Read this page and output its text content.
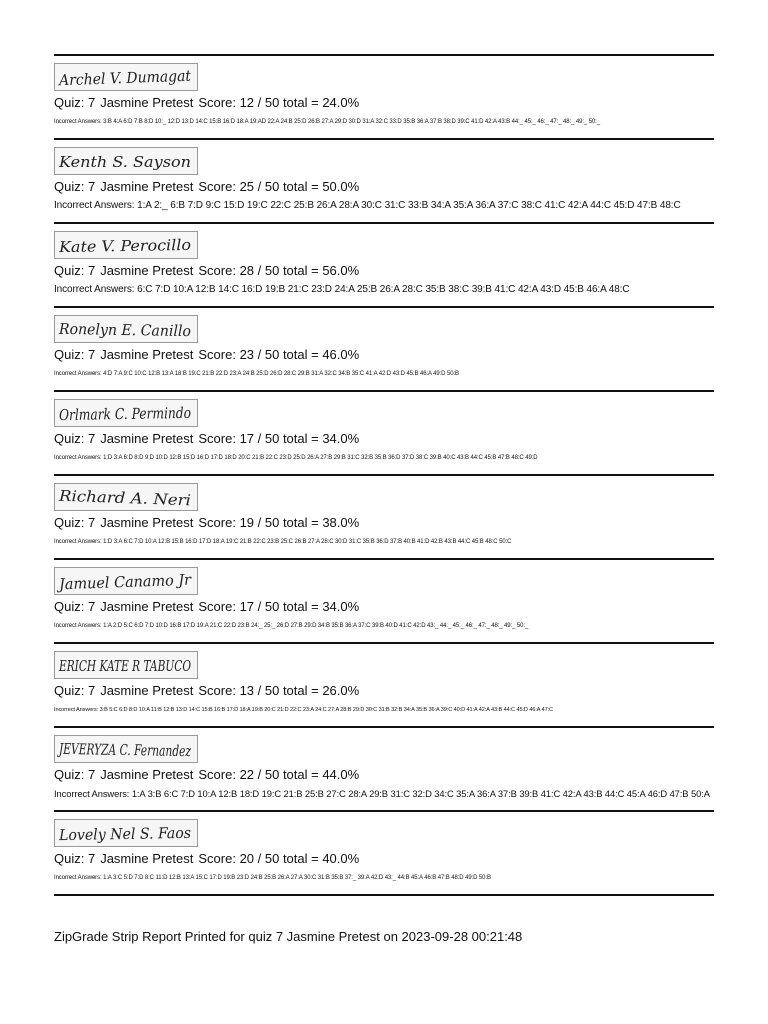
Archel V. Dumagat
Quiz: 7 Jasmine Pretest Score: 12 / 50 total = 24.0%
Incorrect Answers: 3:B 4:A 6:D 7:B 8:D 10:_ 12:D 13:D 14:C 15:B 16:D 18:A 19:AD 22:A 24:B 25:D 26:B 27:A 29:D 30:D 31:A 32:C 33:D 35:B 36:A 37:B 38:D 39:C 41:D 42:A 43:B 44:_ 45:_ 46:_ 47:_ 48:_ 49:_ 50:_
Kenth S. Sayson
Quiz: 7 Jasmine Pretest Score: 25 / 50 total = 50.0%
Incorrect Answers: 1:A 2:_ 6:B 7:D 9:C 15:D 19:C 22:C 25:B 26:A 28:A 30:C 31:C 33:B 34:A 35:A 36:A 37:C 38:C 41:C 42:A 44:C 45:D 47:B 48:C
Kate V. Perocillo
Quiz: 7 Jasmine Pretest Score: 28 / 50 total = 56.0%
Incorrect Answers: 6:C 7:D 10:A 12:B 14:C 16:D 19:B 21:C 23:D 24:A 25:B 26:A 28:C 35:B 38:C 39:B 41:C 42:A 43:D 45:B 46:A 48:C
Ronelyn E. Canillo
Quiz: 7 Jasmine Pretest Score: 23 / 50 total = 46.0%
Incorrect Answers: 4:D 7:A 9:C 10:C 12:B 13:A 18:B 19:C 21:B 22:D 23:A 24:B 25:D 26:D 28:C 29:B 31:A 32:C 34:B 35:C 41:A 42:D 43:D 45:B 46:A 49:D 50:B
Orlmark C. Permindo
Quiz: 7 Jasmine Pretest Score: 17 / 50 total = 34.0%
Incorrect Answers: 1:D 3:A 6:D 8:D 9:D 10:D 12:B 15:D 16:D 17:D 18:D 20:C 21:B 22:C 23:D 25:D 26:A 27:B 29:B 31:C 32:B 35:B 36:D 37:D 38:C 39:B 40:C 43:B 44:C 45:B 47:B 48:C 49:D
Richard A. Neri
Quiz: 7 Jasmine Pretest Score: 19 / 50 total = 38.0%
Incorrect Answers: 1:D 3:A 6:C 7:D 10:A 12:B 15:B 16:D 17:D 18:A 19:C 21:B 22:C 23:B 25:C 26:B 27:A 28:C 30:D 31:C 35:B 36:D 37:B 40:B 41:D 42:B 43:B 44:C 45:B 48:C 50:C
Jamuel Canamo Jr
Quiz: 7 Jasmine Pretest Score: 17 / 50 total = 34.0%
Incorrect Answers: 1:A 2:D 5:C 6:D 7:D 10:D 16:B 17:D 19:A 21:C 22:D 23:B 24:_ 25:_ 26:D 27:B 29:D 34:B 35:B 36:A 37:C 39:B 40:D 41:C 42:D 43:_ 44:_ 45:_ 46:_ 47:_ 48:_ 49:_ 50:_
ERICH KATE R TABUCO
Quiz: 7 Jasmine Pretest Score: 13 / 50 total = 26.0%
Incorrect Answers: 3:B 5:C 6:D 8:D 10:A 11:B 12:B 13:D 14:C 15:B 16:B 17:D 18:A 19:B 20:C 21:D 22:C 23:A 24:C 27:A 28:B 29:D 30:C 31:B 32:B 34:A 35:B 36:A 39:C 40:D 41:A 42:A 43:B 44:C 45:D 46:A 47:C
JEVERYZA C. Fernandez
Quiz: 7 Jasmine Pretest Score: 22 / 50 total = 44.0%
Incorrect Answers: 1:A 3:B 6:C 7:D 10:A 12:B 18:D 19:C 21:B 25:B 27:C 28:A 29:B 31:C 32:D 34:C 35:A 36:A 37:B 39:B 41:C 42:A 43:B 44:C 45:A 46:D 47:B 50:A
Lovely Nel S. Faos
Quiz: 7 Jasmine Pretest Score: 20 / 50 total = 40.0%
Incorrect Answers: 1:A 3:C 5:D 7:D 8:C 11:D 12:B 13:A 15:C 17:D 19:B 23:D 24:B 25:B 26:A 27:A 30:C 31:B 35:B 37:_ 39:A 42:D 43:_ 44:B 45:A 46:B 47:B 48:D 49:D 50:B
ZipGrade Strip Report Printed for quiz 7 Jasmine Pretest on 2023-09-28 00:21:48
